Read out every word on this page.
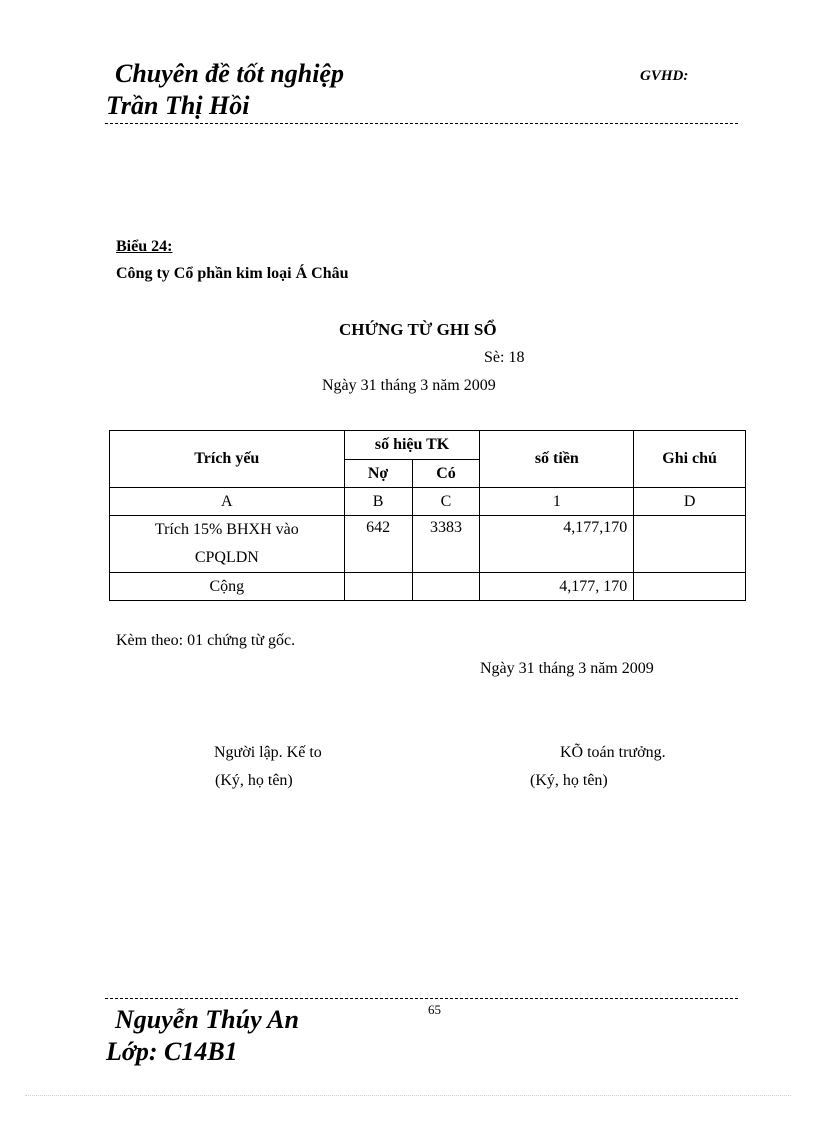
Chuyên đề tốt nghiệp	GVHD:
Trần Thị Hồi
Biểu 24:
Công ty Cổ phần kim loại Á Châu
CHỨNG TỪ GHI SỔ
Sè: 18
Ngày 31 tháng 3 năm 2009
Trích yếu	số hiệu TK		số tiền	Ghi chú
	Nợ	Có		
A	B	C	1	D
Trích 15% BHXH vào CPQLDN	642	3383	4,177,170	
Cộng			4,177, 170	
Kèm theo: 01 chứng từ gốc.
Ngày 31 tháng 3 năm 2009
Người lập. Kế to
(Ký, họ tên)
KÕ toán trưởng.
(Ký, họ tên)
65
Nguyễn Thúy An
Lớp: C14B1
